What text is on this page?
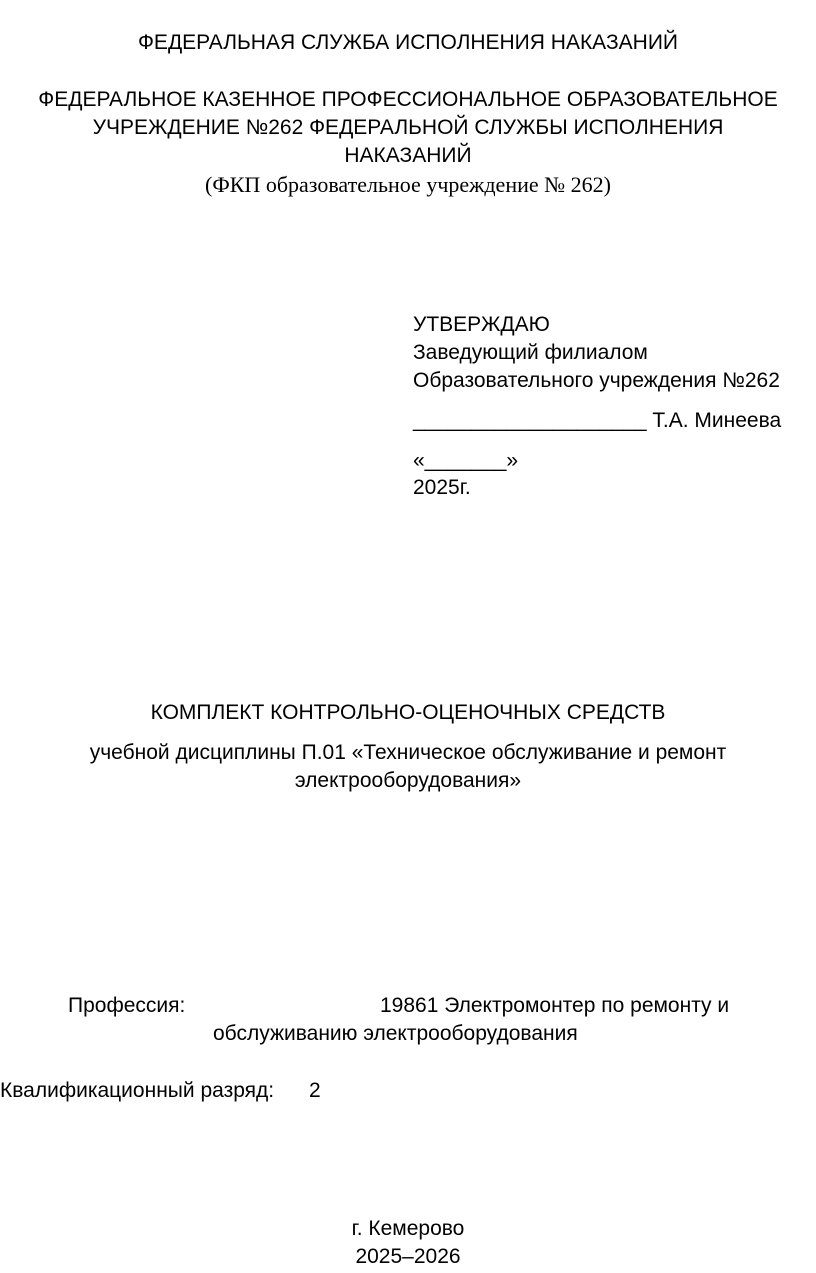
ФЕДЕРАЛЬНАЯ СЛУЖБА ИСПОЛНЕНИЯ НАКАЗАНИЙ
ФЕДЕРАЛЬНОЕ КАЗЕННОЕ ПРОФЕССИОНАЛЬНОЕ ОБРАЗОВАТЕЛЬНОЕ
УЧРЕЖДЕНИЕ №262 ФЕДЕРАЛЬНОЙ СЛУЖБЫ ИСПОЛНЕНИЯ
НАКАЗАНИЙ
(ФКП образовательное учреждение № 262)
УТВЕРЖДАЮ
Заведующий филиалом
Образовательного учреждения №262
____________________ Т.А. Минеева
«_______»
2025г.
КОМПЛЕКТ КОНТРОЛЬНО-ОЦЕНОЧНЫХ СРЕДСТВ
учебной дисциплины П.01 «Техническое обслуживание и ремонт
электрооборудования»
Профессия:	19861 Электромонтер по ремонту и
обслуживанию электрооборудования
Квалификационный разряд: 2
г. Кемерово
2025–2026
